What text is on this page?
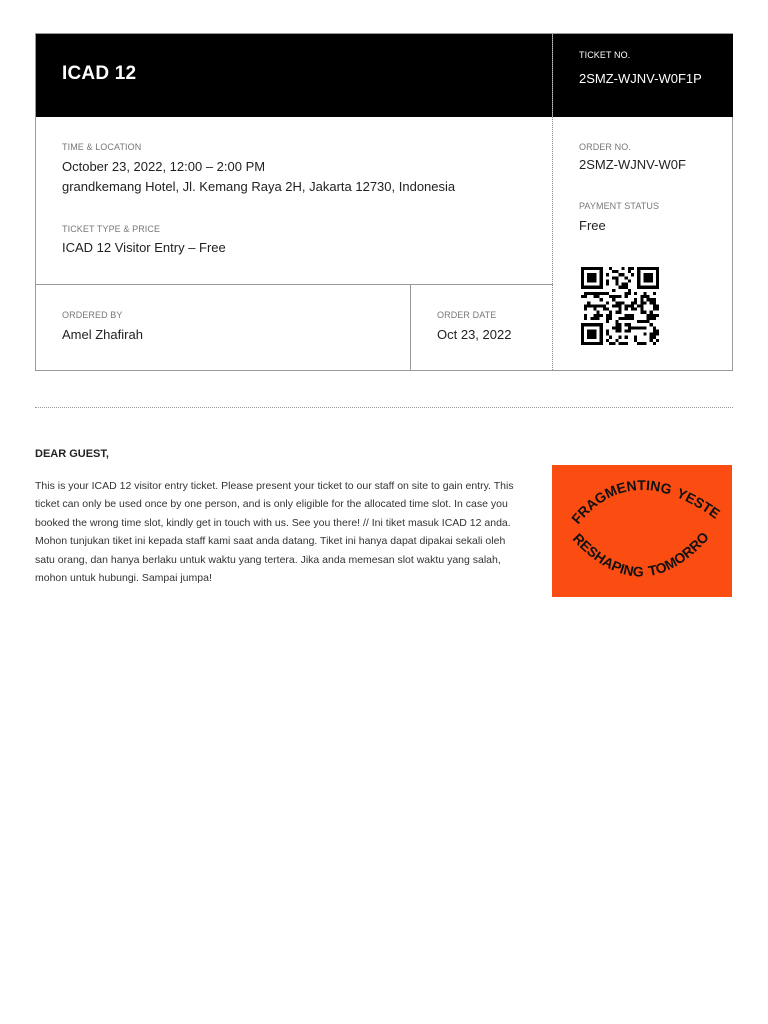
ICAD 12
TICKET NO.
2SMZ-WJNV-W0F1P
TIME & LOCATION
October 23, 2022, 12:00 – 2:00 PM
grandkemang Hotel, Jl. Kemang Raya 2H, Jakarta 12730, Indonesia
TICKET TYPE & PRICE
ICAD 12 Visitor Entry – Free
ORDERED BY
Amel Zhafirah
ORDER DATE
Oct 23, 2022
ORDER NO.
2SMZ-WJNV-W0F
PAYMENT STATUS
Free
DEAR GUEST,
This is your ICAD 12 visitor entry ticket. Please present your ticket to our staff on site to gain entry. This ticket can only be used once by one person, and is only eligible for the allocated time slot. In case you booked the wrong time slot, kindly get in touch with us. See you there! // Ini tiket masuk ICAD 12 anda. Mohon tunjukan tiket ini kepada staff kami saat anda datang. Tiket ini hanya dapat dipakai sekali oleh satu orang, dan hanya berlaku untuk waktu yang tertera. Jika anda memesan slot waktu yang salah, mohon untuk hubungi. Sampai jumpa!
FRAGMENTINGYESTE
RESHAPING TOMORRO
